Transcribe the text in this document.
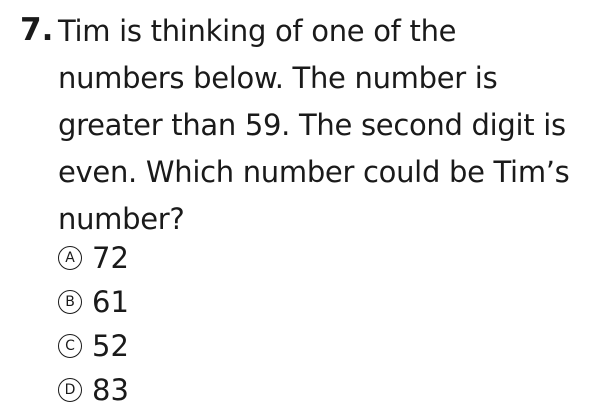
7. Tim is thinking of one of the
numbers below. The number is
greater than 59. The second digit is
even. Which number could be Tim’s
number?

A 72
B 61
C 52
D 83
